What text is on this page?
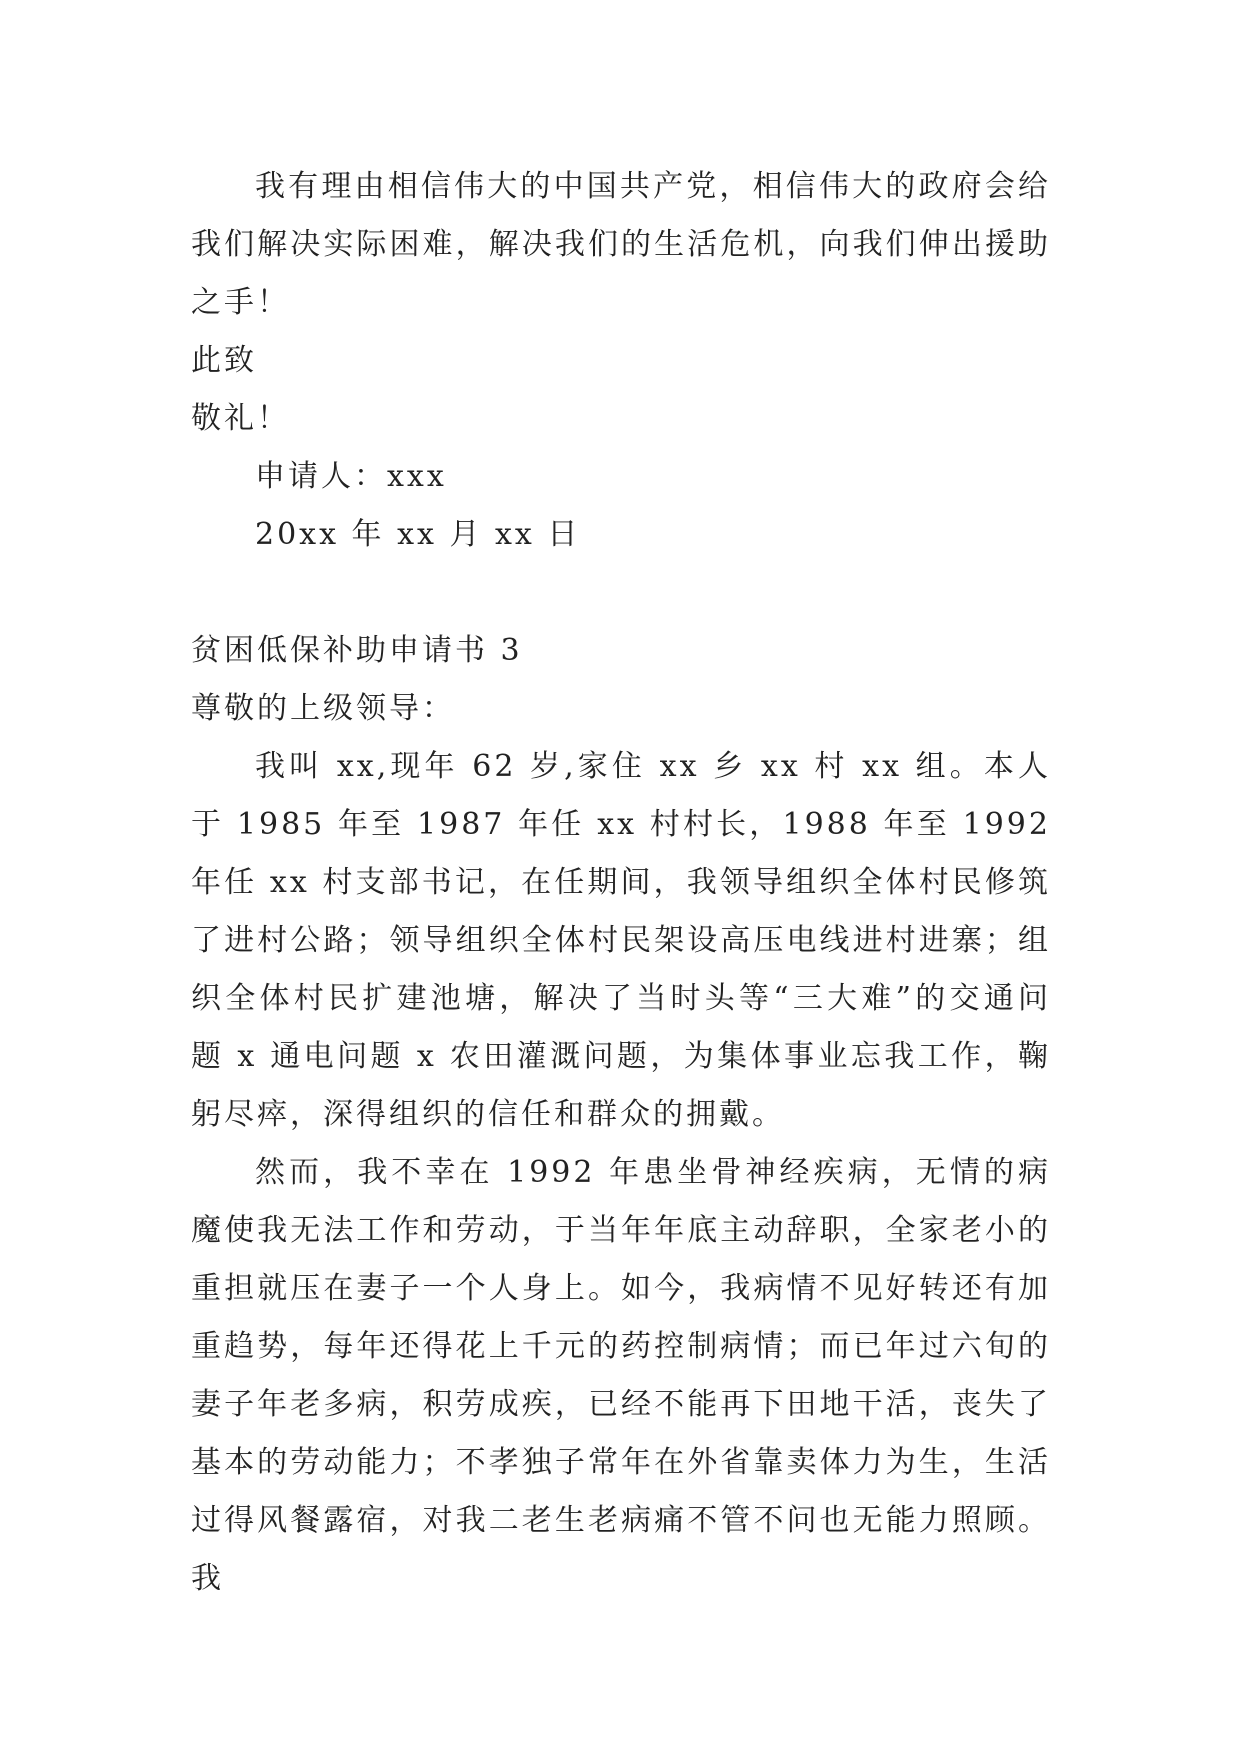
我有理由相信伟大的中国共产党，相信伟大的政府会给我们解决实际困难，解决我们的生活危机，向我们伸出援助之手！

此致

敬礼！

申请人：xxx

20xx 年 xx 月 xx 日

贫困低保补助申请书 3

尊敬的上级领导：

我叫 xx,现年 62 岁,家住 xx 乡 xx 村 xx 组。本人于 1985 年至 1987 年任 xx 村村长，1988 年至 1992 年任 xx 村支部书记，在任期间，我领导组织全体村民修筑了进村公路；领导组织全体村民架设高压电线进村进寨；组织全体村民扩建池塘，解决了当时头等“三大难”的交通问题 x 通电问题 x 农田灌溉问题，为集体事业忘我工作，鞠躬尽瘁，深得组织的信任和群众的拥戴。

然而，我不幸在 1992 年患坐骨神经疾病，无情的病魔使我无法工作和劳动，于当年年底主动辞职，全家老小的重担就压在妻子一个人身上。如今，我病情不见好转还有加重趋势，每年还得花上千元的药控制病情；而已年过六旬的妻子年老多病，积劳成疾，已经不能再下田地干活，丧失了基本的劳动能力；不孝独子常年在外省靠卖体力为生，生活过得风餐露宿，对我二老生老病痛不管不问也无能力照顾。我
